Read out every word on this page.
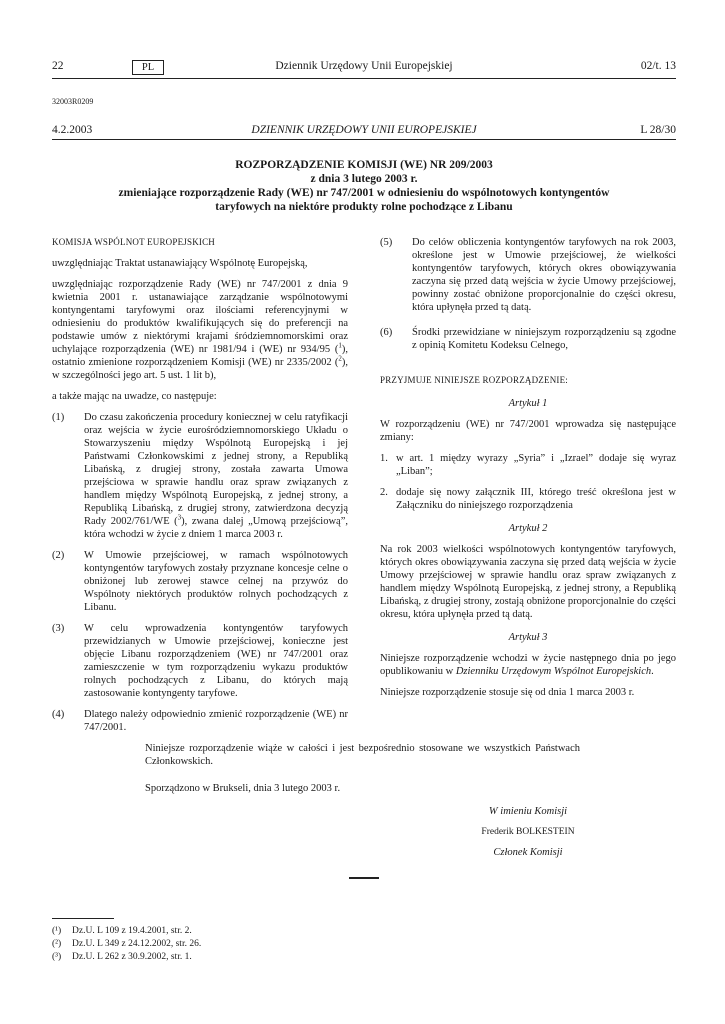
22	PL	Dziennik Urzędowy Unii Europejskiej	02/t. 13
32003R0209
4.2.2003	DZIENNIK URZĘDOWY UNII EUROPEJSKIEJ	L 28/30
ROZPORZĄDZENIE KOMISJI (WE) NR 209/2003
z dnia 3 lutego 2003 r.
zmieniające rozporządzenie Rady (WE) nr 747/2001 w odniesieniu do wspólnotowych kontyngentów
taryfowych na niektóre produkty rolne pochodzące z Libanu

KOMISJA WSPÓLNOT EUROPEJSKICH

uwzględniając Traktat ustanawiający Wspólnotę Europejską,

uwzględniając rozporządzenie Rady (WE) nr 747/2001 z dnia 9 kwietnia 2001 r. ustanawiające zarządzanie wspólnotowymi kontyngentami taryfowymi oraz ilościami referencyjnymi w odniesieniu do produktów kwalifikujących się do preferencji na podstawie umów z niektórymi krajami śródziemnomorskimi oraz uchylające rozporządzenia (WE) nr 1981/94 i (WE) nr 934/95 ($^1$), ostatnio zmienione rozporządzeniem Komisji (WE) nr 2335/2002 ($^2$), w szczególności jego art. 5 ust. 1 lit b),

a także mając na uwadze, co następuje:

(1) Do czasu zakończenia procedury koniecznej w celu ratyfikacji oraz wejścia w życie eurośródziemnomorskiego Układu o Stowarzyszeniu między Wspólnotą Europejską i jej Państwami Członkowskimi z jednej strony, a Republiką Libańską, z drugiej strony, została zawarta Umowa przejściowa w sprawie handlu oraz spraw związanych z handlem między Wspólnotą Europejską, z jednej strony, a Republiką Libańską, z drugiej strony, zatwierdzona decyzją Rady 2002/761/WE ($^3$), zwana dalej „Umową przejściową”, która wchodzi w życie z dniem 1 marca 2003 r.
(2) W Umowie przejściowej, w ramach wspólnotowych kontyngentów taryfowych zostały przyznane koncesje celne o obniżonej lub zerowej stawce celnej na przywóz do Wspólnoty niektórych produktów rolnych pochodzących z Libanu.
(3) W celu wprowadzenia kontyngentów taryfowych przewidzianych w Umowie przejściowej, konieczne jest objęcie Libanu rozporządzeniem (WE) nr 747/2001 oraz zamieszczenie w tym rozporządzeniu wykazu produktów rolnych pochodzących z Libanu, do których mają zastosowanie kontyngenty taryfowe.
(4) Dlatego należy odpowiednio zmienić rozporządzenie (WE) nr 747/2001.
(5) Do celów obliczenia kontyngentów taryfowych na rok 2003, określone jest w Umowie przejściowej, że wielkości kontyngentów taryfowych, których okres obowiązywania zaczyna się przed datą wejścia w życie Umowy przejściowej, powinny zostać obniżone proporcjonalnie do części okresu, która upłynęła przed tą datą.
(6) Środki przewidziane w niniejszym rozporządzeniu są zgodne z opinią Komitetu Kodeksu Celnego,

PRZYJMUJE NINIEJSZE ROZPORZĄDZENIE:

Artykuł 1

W rozporządzeniu (WE) nr 747/2001 wprowadza się następujące zmiany:

1. w art. 1 między wyrazy „Syria” i „Izrael” dodaje się wyraz „Liban”;
2. dodaje się nowy załącznik III, którego treść określona jest w Załączniku do niniejszego rozporządzenia

Artykuł 2

Na rok 2003 wielkości wspólnotowych kontyngentów taryfowych, których okres obowiązywania zaczyna się przed datą wejścia w życie Umowy przejściowej w sprawie handlu oraz spraw związanych z handlem między Wspólnotą Europejską, z jednej strony, a Republiką Libańską, z drugiej strony, zostają obniżone proporcjonalnie do części okresu, która upłynęła przed tą datą.

Artykuł 3

Niniejsze rozporządzenie wchodzi w życie następnego dnia po jego opublikowaniu w Dzienniku Urzędowym Wspólnot Europejskich.

Niniejsze rozporządzenie stosuje się od dnia 1 marca 2003 r.

Niniejsze rozporządzenie wiąże w całości i jest bezpośrednio stosowane we wszystkich Państwach Członkowskich.
Sporządzono w Brukseli, dnia 3 lutego 2003 r.
W imieniu Komisji
Frederik BOLKESTEIN
Członek Komisji
(¹) Dz.U. L 109 z 19.4.2001, str. 2.
(²) Dz.U. L 349 z 24.12.2002, str. 26.
(³) Dz.U. L 262 z 30.9.2002, str. 1.
